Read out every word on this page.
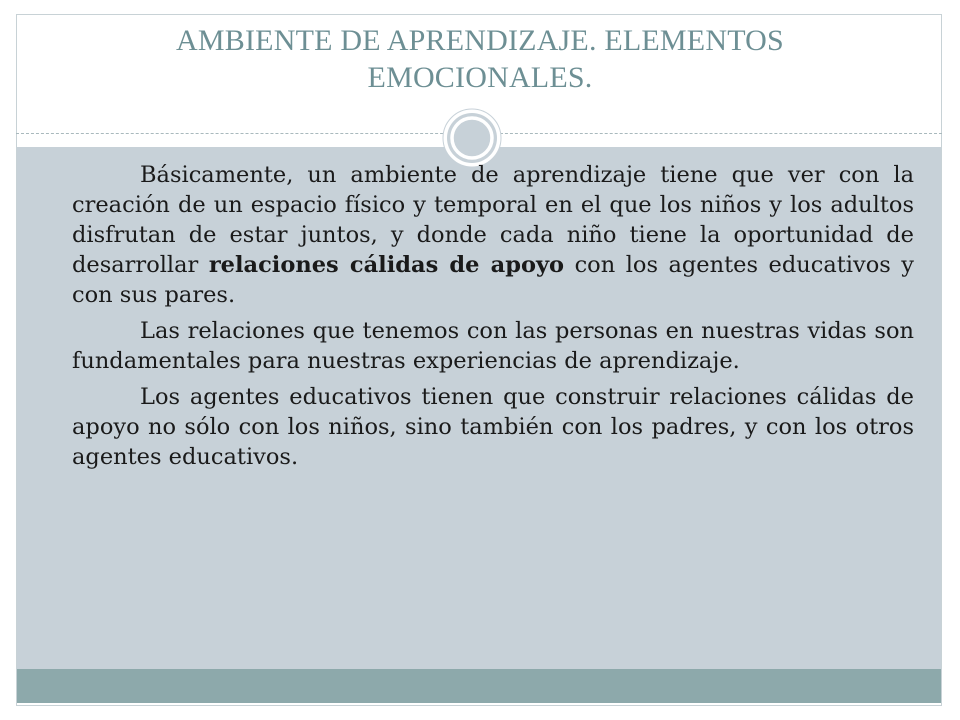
AMBIENTE DE APRENDIZAJE. ELEMENTOS
EMOCIONALES.

Básicamente, un ambiente de aprendizaje tiene que ver con la creación de un espacio físico y temporal en el que los niños y los adultos disfrutan de estar juntos, y donde cada niño tiene la oportunidad de desarrollar relaciones cálidas de apoyo con los agentes educativos y con sus pares.

Las relaciones que tenemos con las personas en nuestras vidas son fundamentales para nuestras experiencias de aprendizaje.

Los agentes educativos tienen que construir relaciones cálidas de apoyo no sólo con los niños, sino también con los padres, y con los otros agentes educativos.
